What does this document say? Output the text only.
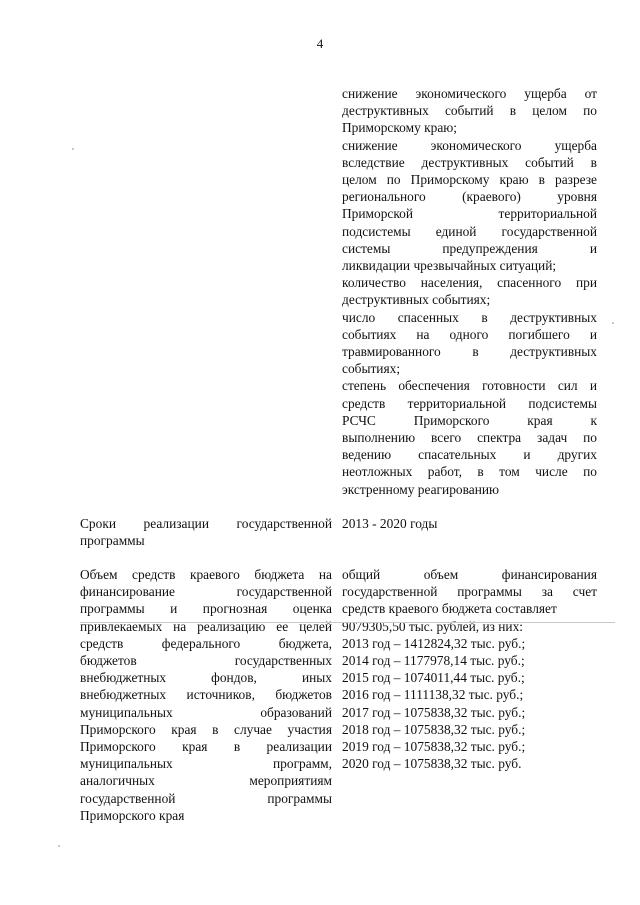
4
снижение экономического ущерба от
деструктивных событий в целом по
Приморскому краю;
снижение экономического ущерба
вследствие деструктивных событий в
целом по Приморскому краю в разрезе
регионального (краевого) уровня
Приморской территориальной
подсистемы единой государственной
системы предупреждения и
ликвидации чрезвычайных ситуаций;
количество населения, спасенного при
деструктивных событиях;
число спасенных в деструктивных
событиях на одного погибшего и
травмированного в деструктивных
событиях;
степень обеспечения готовности сил и
средств территориальной подсистемы
РСЧС Приморского края к
выполнению всего спектра задач по
ведению спасательных и других
неотложных работ, в том числе по
экстренному реагированию
Сроки реализации государственной
программы
2013 - 2020 годы
Объем средств краевого бюджета на
финансирование государственной
программы и прогнозная оценка
привлекаемых на реализацию ее целей
средств федерального бюджета,
бюджетов государственных
внебюджетных фондов, иных
внебюджетных источников, бюджетов
муниципальных образований
Приморского края в случае участия
Приморского края в реализации
муниципальных программ,
аналогичных мероприятиям
государственной программы
Приморского края
общий объем финансирования
государственной программы за счет
средств краевого бюджета составляет
9079305,50 тыс. рублей, из них:
2013 год – 1412824,32 тыс. руб.;
2014 год – 1177978,14 тыс. руб.;
2015 год – 1074011,44 тыс. руб.;
2016 год – 1111138,32 тыс. руб.;
2017 год – 1075838,32 тыс. руб.;
2018 год – 1075838,32 тыс. руб.;
2019 год – 1075838,32 тыс. руб.;
2020 год – 1075838,32 тыс. руб.
